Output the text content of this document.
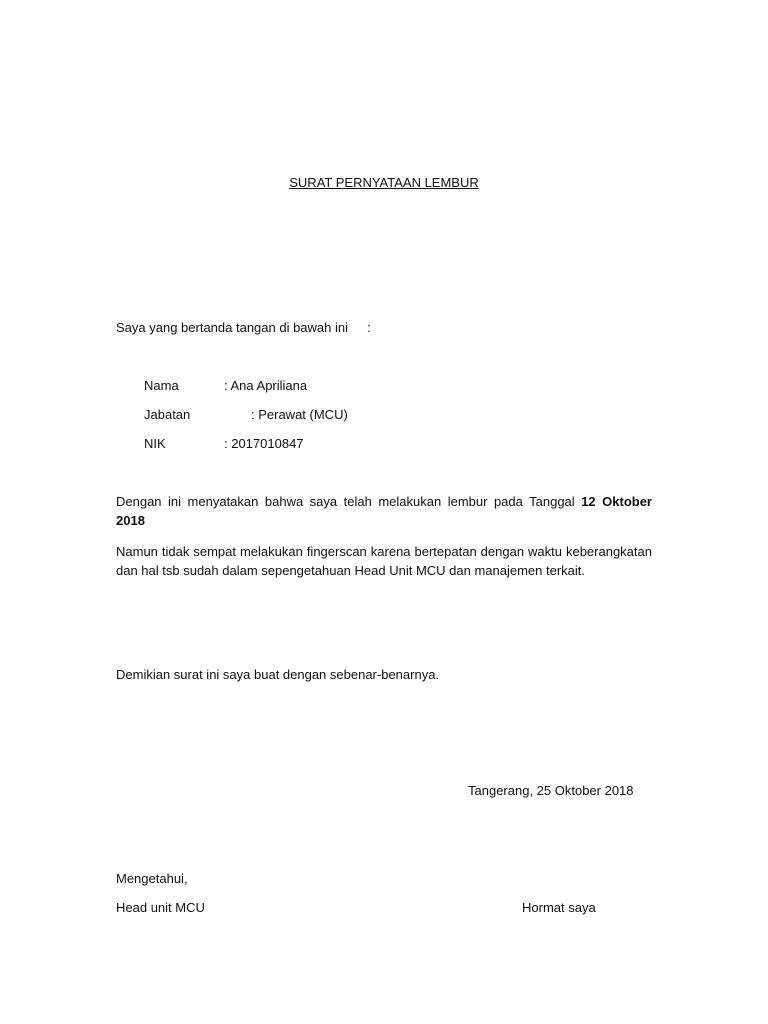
SURAT PERNYATAAN LEMBUR
Saya yang bertanda tangan di bawah ini :
Nama	: Ana Apriliana
Jabatan	: Perawat (MCU)
NIK	: 2017010847
Dengan ini menyatakan bahwa saya telah melakukan lembur pada Tanggal 12 Oktober 2018
Namun tidak sempat melakukan fingerscan karena bertepatan dengan waktu keberangkatan dan hal tsb sudah dalam sepengetahuan Head Unit MCU dan manajemen terkait.
Demikian surat ini saya buat dengan sebenar-benarnya.
Tangerang, 25 Oktober 2018
Mengetahui,
Head unit MCU	Hormat saya
